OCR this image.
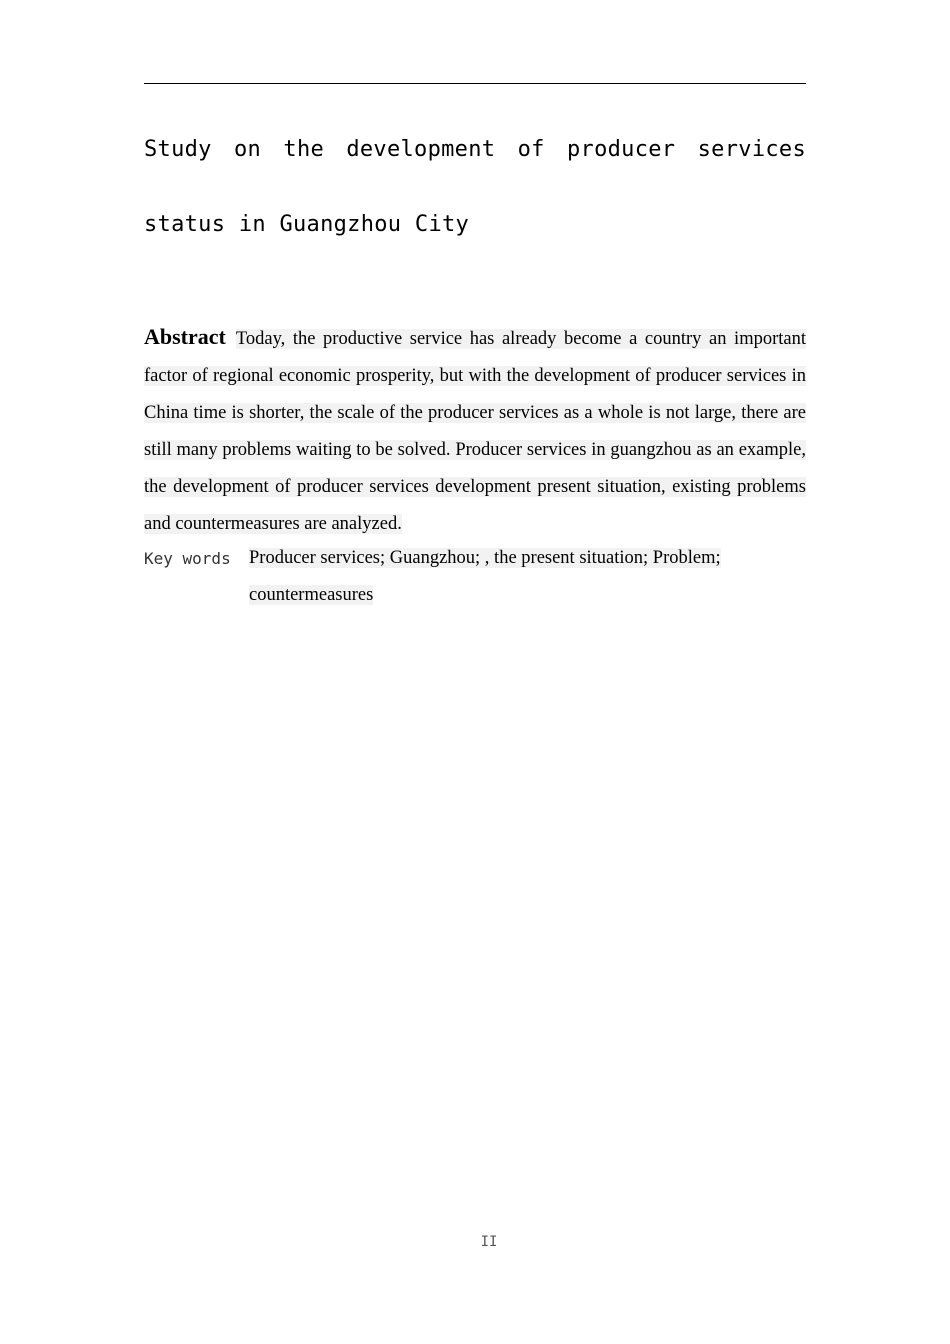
Study on the development of producer services
status in Guangzhou City

Abstract Today, the productive service has already become a country an important factor of regional economic prosperity, but with the development of producer services in China time is shorter, the scale of the producer services as a whole is not large, there are still many problems waiting to be solved. Producer services in guangzhou as an example, the development of producer services development present situation, existing problems and countermeasures are analyzed.

Key words Producer services; Guangzhou; , the present situation; Problem; countermeasures
II
